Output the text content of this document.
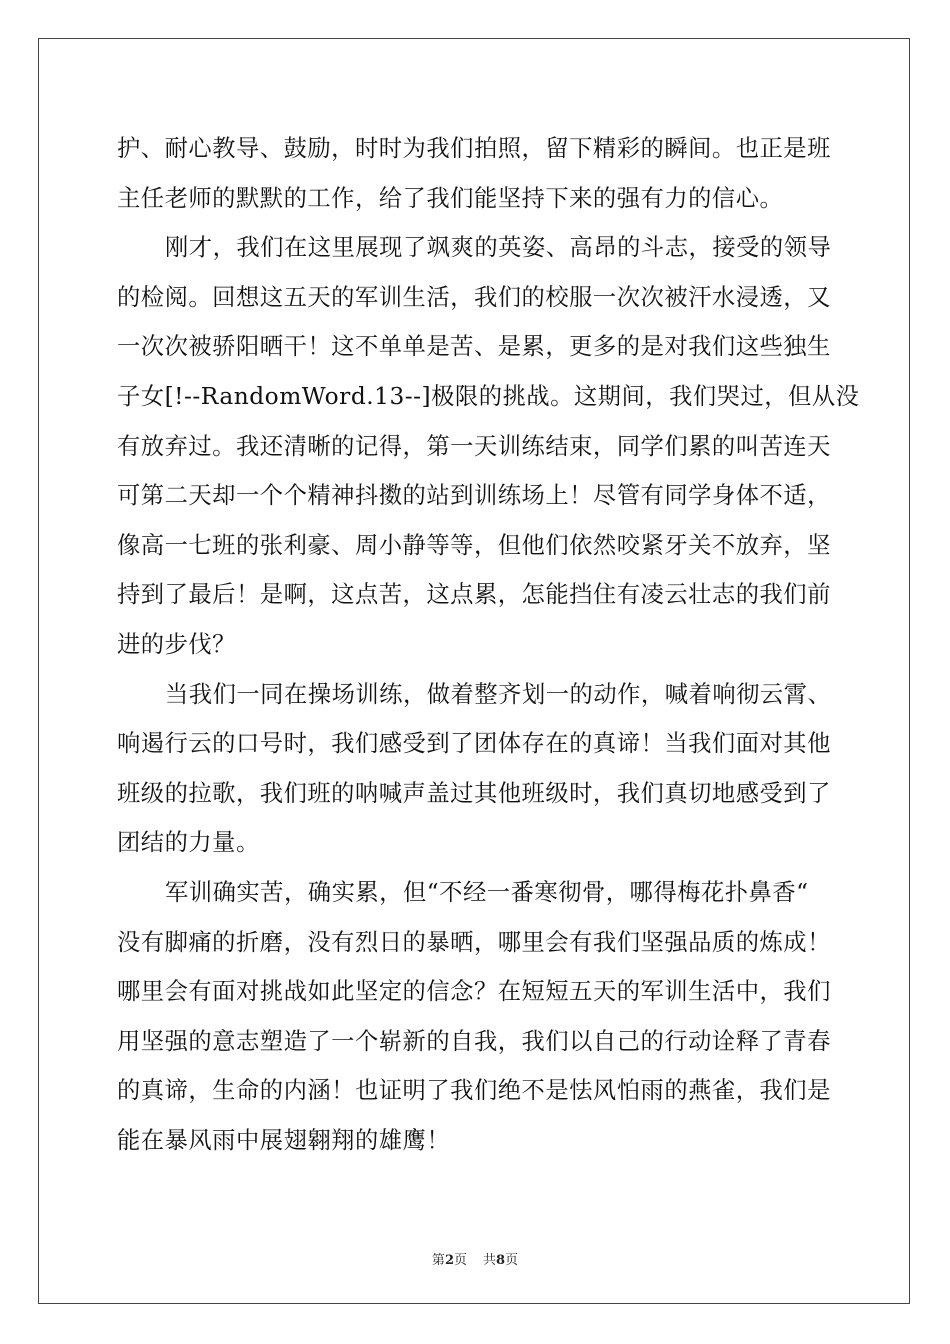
护、耐心教导、鼓励，时时为我们拍照，留下精彩的瞬间。也正是班
主任老师的默默的工作，给了我们能坚持下来的强有力的信心。
刚才，我们在这里展现了飒爽的英姿、高昂的斗志，接受的领导
的检阅。回想这五天的军训生活，我们的校服一次次被汗水浸透，又
一次次被骄阳晒干！这不单单是苦、是累，更多的是对我们这些独生
子女[!--RandomWord.13--]极限的挑战。这期间，我们哭过，但从没
有放弃过。我还清晰的记得，第一天训练结束，同学们累的叫苦连天
可第二天却一个个精神抖擞的站到训练场上！尽管有同学身体不适，
像高一七班的张利豪、周小静等等，但他们依然咬紧牙关不放弃，坚
持到了最后！是啊，这点苦，这点累，怎能挡住有凌云壮志的我们前
进的步伐？
当我们一同在操场训练，做着整齐划一的动作，喊着响彻云霄、
响遏行云的口号时，我们感受到了团体存在的真谛！当我们面对其他
班级的拉歌，我们班的呐喊声盖过其他班级时，我们真切地感受到了
团结的力量。
军训确实苦，确实累，但“不经一番寒彻骨，哪得梅花扑鼻香“
没有脚痛的折磨，没有烈日的暴晒，哪里会有我们坚强品质的炼成！
哪里会有面对挑战如此坚定的信念？在短短五天的军训生活中，我们
用坚强的意志塑造了一个崭新的自我，我们以自己的行动诠释了青春
的真谛，生命的内涵！也证明了我们绝不是怯风怕雨的燕雀，我们是
能在暴风雨中展翅翱翔的雄鹰！
第2页 共8页
